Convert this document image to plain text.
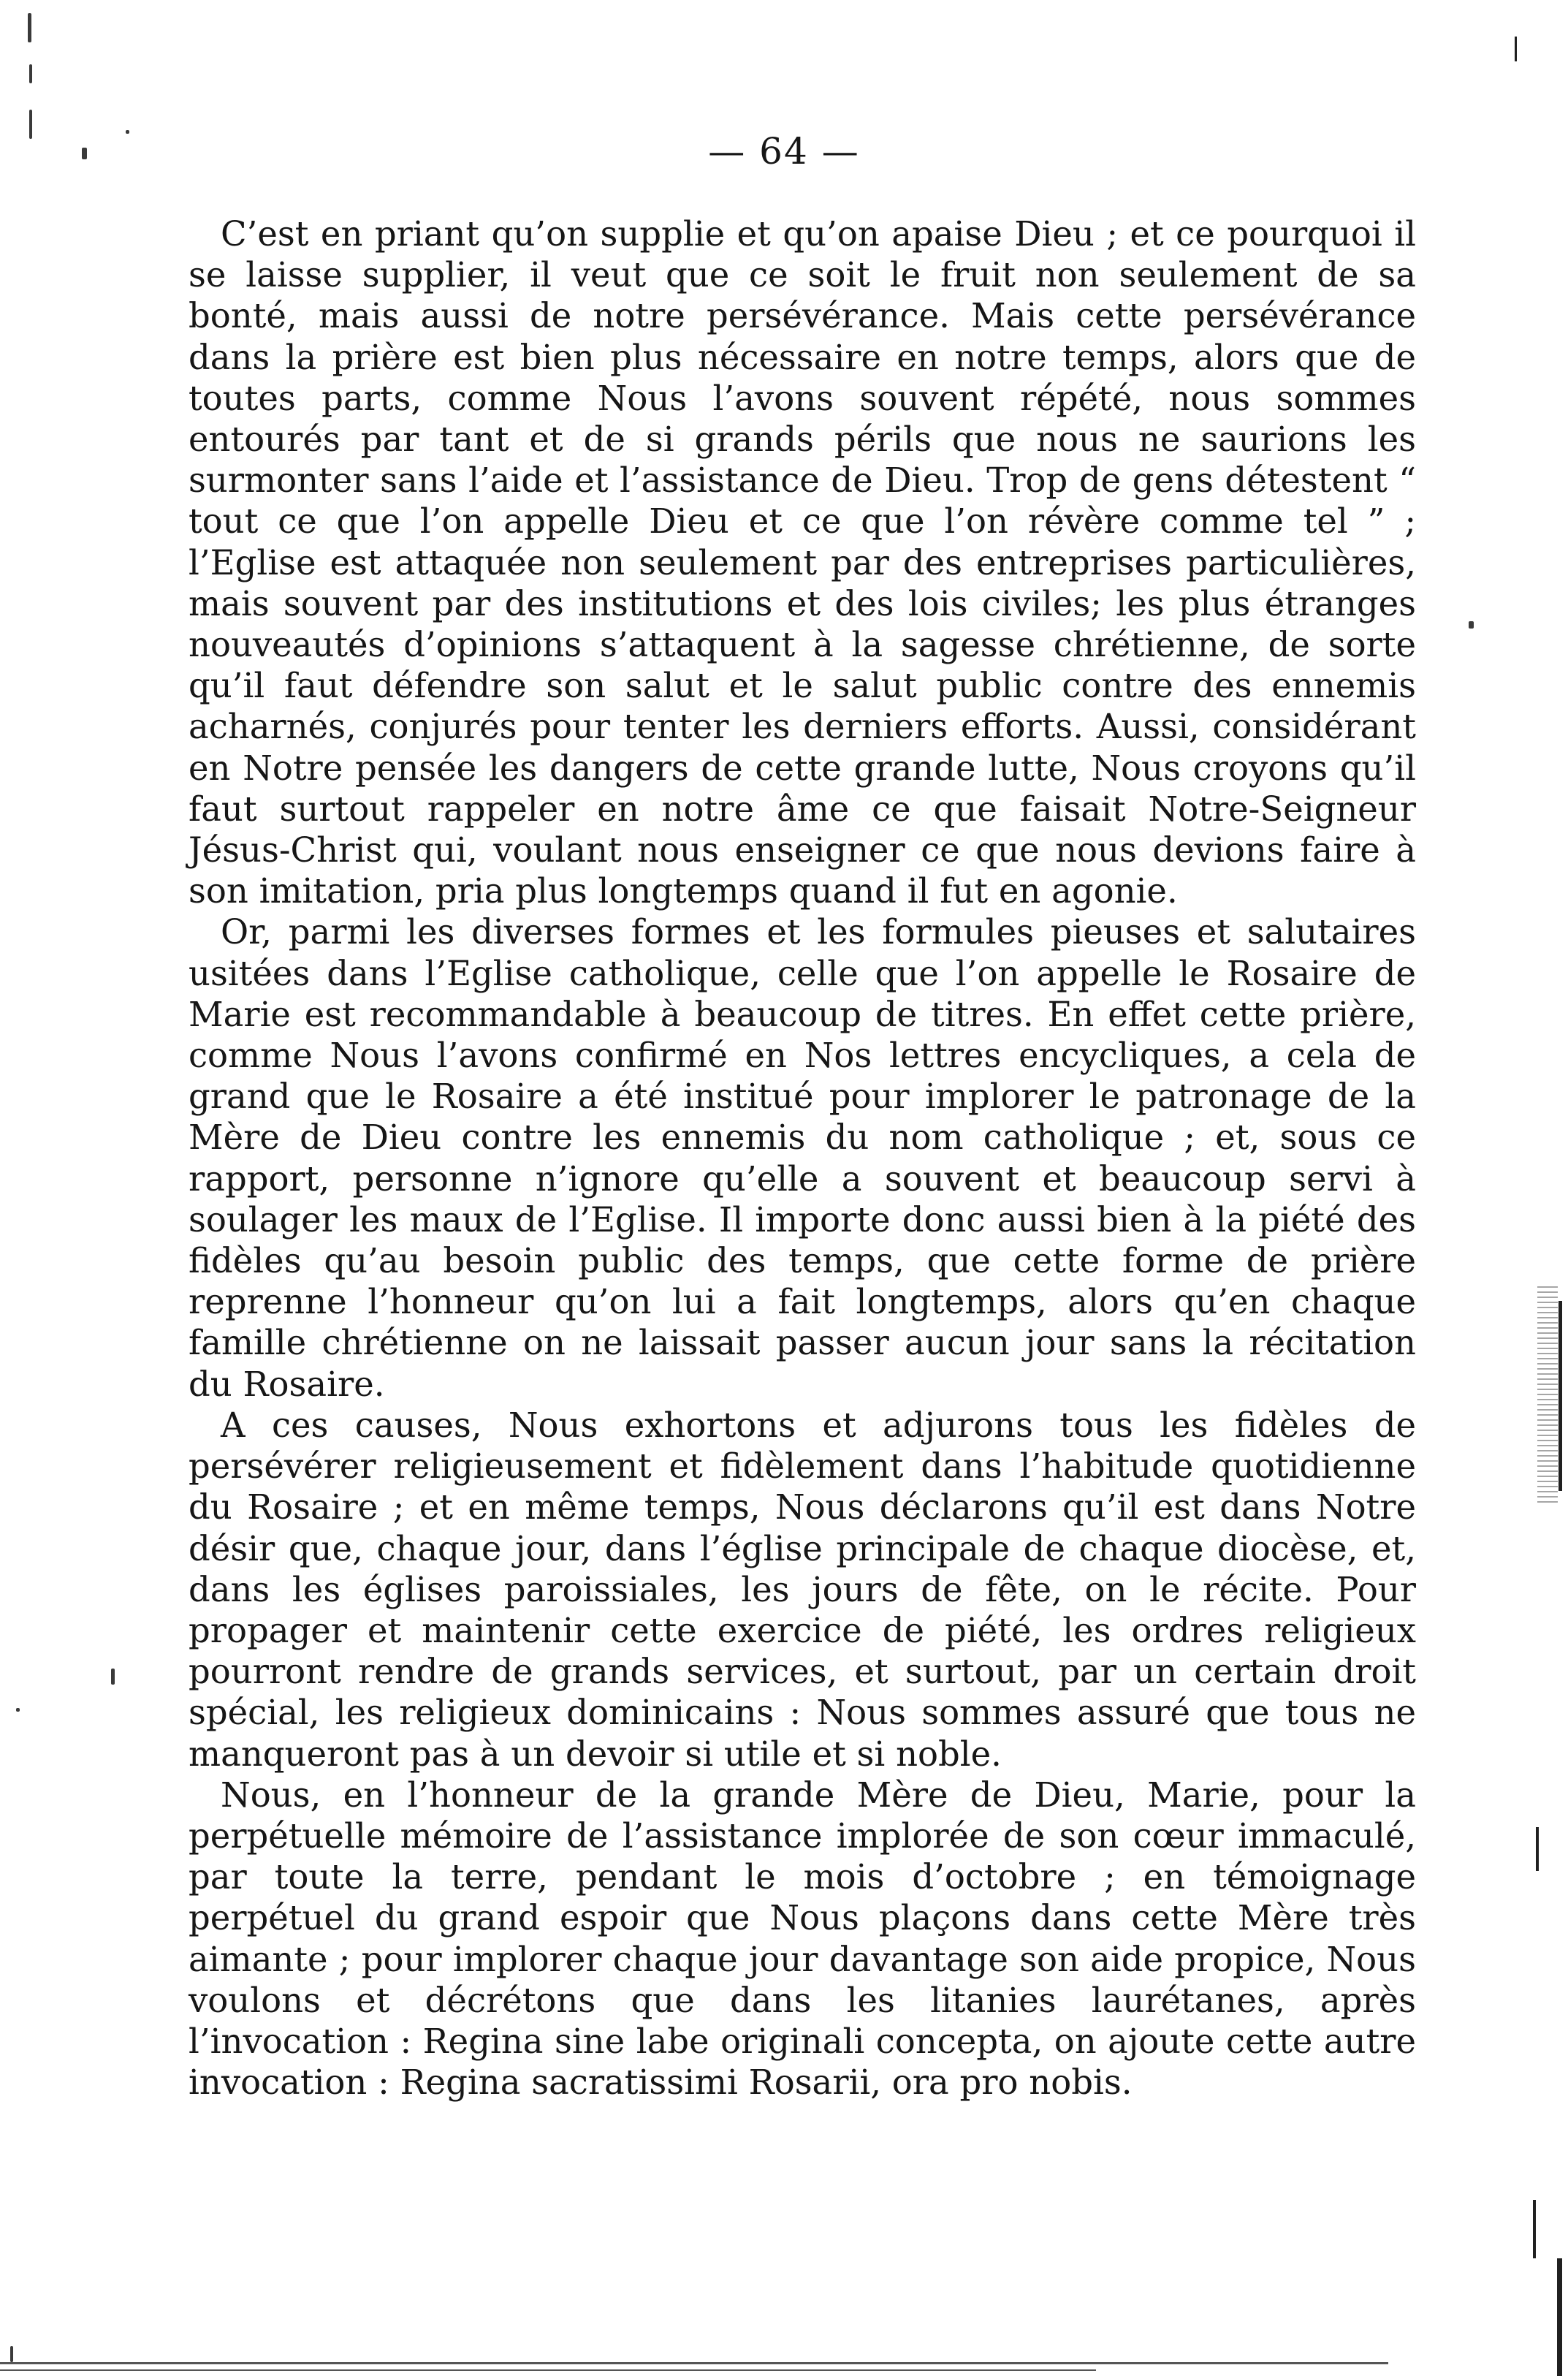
— 64 —

C’est en priant qu’on supplie et qu’on apaise Dieu ; et ce pourquoi il se laisse supplier, il veut que ce soit le fruit non seulement de sa bonté, mais aussi de notre persévérance. Mais cette persévérance dans la prière est bien plus nécessaire en notre temps, alors que de toutes parts, comme Nous l’avons souvent répété, nous sommes entourés par tant et de si grands périls que nous ne saurions les surmonter sans l’aide et l’assistance de Dieu. Trop de gens détestent “ tout ce que l’on appelle Dieu et ce que l’on révère comme tel ” ; l’Eglise est attaquée non seulement par des entreprises particulières, mais souvent par des institutions et des lois civiles; les plus étranges nouveautés d’opinions s’attaquent à la sagesse chrétienne, de sorte qu’il faut défendre son salut et le salut public contre des ennemis acharnés, conjurés pour tenter les derniers efforts. Aussi, considérant en Notre pensée les dangers de cette grande lutte, Nous croyons qu’il faut surtout rappeler en notre âme ce que faisait Notre-Seigneur Jésus-Christ qui, voulant nous enseigner ce que nous devions faire à son imitation, pria plus longtemps quand il fut en agonie.

Or, parmi les diverses formes et les formules pieuses et salutaires usitées dans l’Eglise catholique, celle que l’on appelle le Rosaire de Marie est recommandable à beaucoup de titres. En effet cette prière, comme Nous l’avons confirmé en Nos lettres encycliques, a cela de grand que le Rosaire a été institué pour implorer le patronage de la Mère de Dieu contre les ennemis du nom catholique ; et, sous ce rapport, personne n’ignore qu’elle a souvent et beaucoup servi à soulager les maux de l’Eglise. Il importe donc aussi bien à la piété des fidèles qu’au besoin public des temps, que cette forme de prière reprenne l’honneur qu’on lui a fait longtemps, alors qu’en chaque famille chrétienne on ne laissait passer aucun jour sans la récitation du Rosaire.

A ces causes, Nous exhortons et adjurons tous les fidèles de persévérer religieusement et fidèlement dans l’habitude quotidienne du Rosaire ; et en même temps, Nous déclarons qu’il est dans Notre désir que, chaque jour, dans l’église principale de chaque diocèse, et, dans les églises paroissiales, les jours de fête, on le récite. Pour propager et maintenir cette exercice de piété, les ordres religieux pourront rendre de grands services, et surtout, par un certain droit spécial, les religieux dominicains : Nous sommes assuré que tous ne manqueront pas à un devoir si utile et si noble.

Nous, en l’honneur de la grande Mère de Dieu, Marie, pour la perpétuelle mémoire de l’assistance implorée de son cœur immaculé, par toute la terre, pendant le mois d’octobre ; en témoignage perpétuel du grand espoir que Nous plaçons dans cette Mère très aimante ; pour implorer chaque jour davantage son aide propice, Nous voulons et décrétons que dans les litanies laurétanes, après l’invocation : Regina sine labe originali concepta, on ajoute cette autre invocation : Regina sacratissimi Rosarii, ora pro nobis.
